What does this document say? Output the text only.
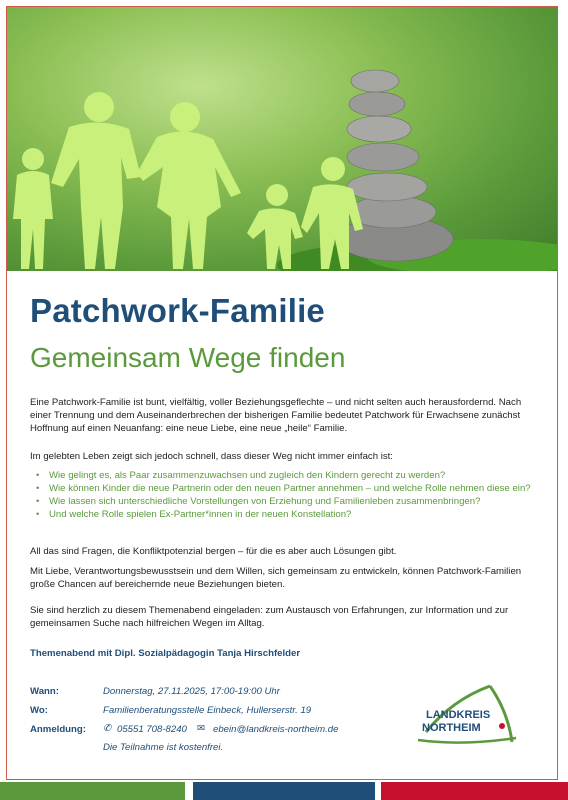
Patchwork-Familie
Gemeinsam Wege finden

Eine Patchwork-Familie ist bunt, vielfältig, voller Beziehungsgeflechte – und nicht selten auch herausfordernd. Nach einer Trennung und dem Auseinanderbrechen der bisherigen Familie bedeutet Patchwork für Erwachsene zunächst Hoffnung auf einen Neuanfang: eine neue Liebe, eine neue „heile“ Familie.

Im gelebten Leben zeigt sich jedoch schnell, dass dieser Weg nicht immer einfach ist:

• Wie gelingt es, als Paar zusammenzuwachsen und zugleich den Kindern gerecht zu werden?
• Wie können Kinder die neue Partnerin oder den neuen Partner annehmen – und welche Rolle nehmen diese ein?
• Wie lassen sich unterschiedliche Vorstellungen von Erziehung und Familienleben zusammenbringen?
• Und welche Rolle spielen Ex-Partner*innen in der neuen Konstellation?

All das sind Fragen, die Konfliktpotenzial bergen – für die es aber auch Lösungen gibt.

Mit Liebe, Verantwortungsbewusstsein und dem Willen, sich gemeinsam zu entwickeln, können Patchwork-Familien große Chancen auf bereichernde neue Beziehungen bieten.

Sie sind herzlich zu diesem Themenabend eingeladen: zum Austausch von Erfahrungen, zur Information und zur gemeinsamen Suche nach hilfreichen Wegen im Alltag.

Themenabend mit Dipl. Sozialpädagogin Tanja Hirschfelder
Wann:	Donnerstag, 27.11.2025, 17:00-19:00 Uhr
Wo:	Familienberatungsstelle Einbeck, Hullerserstr. 19
Anmeldung: ✆ 05551 708-8240 ✉ ebein@landkreis-northeim.de
Die Teilnahme ist kostenfrei.
LANDKREIS
NORTHEIM
